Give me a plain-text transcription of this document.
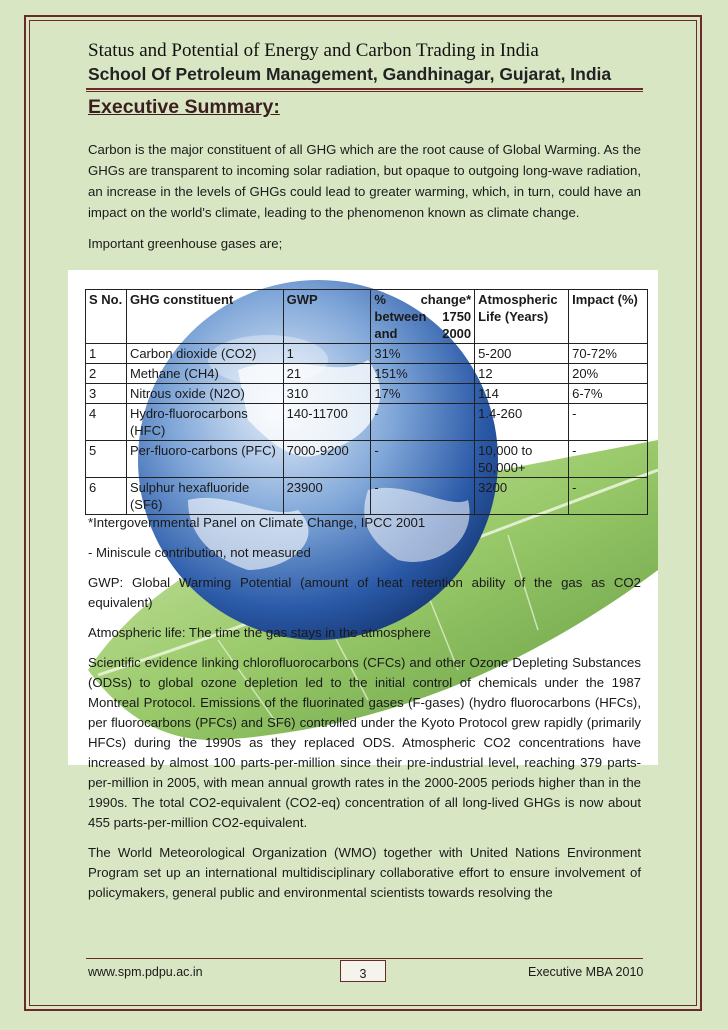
Status and Potential of Energy and Carbon Trading in India
School Of Petroleum Management, Gandhinagar, Gujarat, India
Executive Summary:

Carbon is the major constituent of all GHG which are the root cause of Global Warming. As the GHGs are transparent to incoming solar radiation, but opaque to outgoing long-wave radiation, an increase in the levels of GHGs could lead to greater warming, which, in turn, could have an impact on the world's climate, leading to the phenomenon known as climate change.

Important greenhouse gases are;

S No.	GHG constituent	GWP	% change* between 1750 and 2000	Atmospheric Life (Years)	Impact (%)
1	Carbon dioxide (CO2)	1	31%	5-200	70-72%
2	Methane (CH4)	21	151%	12	20%
3	Nitrous oxide (N2O)	310	17%	114	6-7%
4	Hydro-fluorocarbons (HFC)	140-11700	-	1.4-260	-
5	Per-fluoro-carbons (PFC)	7000-9200	-	10,000 to 50,000+	-
6	Sulphur hexafluoride (SF6)	23900	-	3200	-

*Intergovernmental Panel on Climate Change, IPCC 2001

- Miniscule contribution, not measured

GWP: Global Warming Potential (amount of heat retention ability of the gas as CO2 equivalent)

Atmospheric life: The time the gas stays in the atmosphere

Scientific evidence linking chlorofluorocarbons (CFCs) and other Ozone Depleting Substances (ODSs) to global ozone depletion led to the initial control of chemicals under the 1987 Montreal Protocol. Emissions of the fluorinated gases (F-gases) (hydro fluorocarbons (HFCs), per fluorocarbons (PFCs) and SF6) controlled under the Kyoto Protocol grew rapidly (primarily HFCs) during the 1990s as they replaced ODS. Atmospheric CO2 concentrations have increased by almost 100 parts-per-million since their pre-industrial level, reaching 379 parts-per-million in 2005, with mean annual growth rates in the 2000-2005 periods higher than in the 1990s. The total CO2-equivalent (CO2-eq) concentration of all long-lived GHGs is now about 455 parts-per-million CO2-equivalent.

The World Meteorological Organization (WMO) together with United Nations Environment Program set up an international multidisciplinary collaborative effort to ensure involvement of policymakers, general public and environmental scientists towards resolving the

www.spm.pdpu.ac.in	3	Executive MBA 2010
